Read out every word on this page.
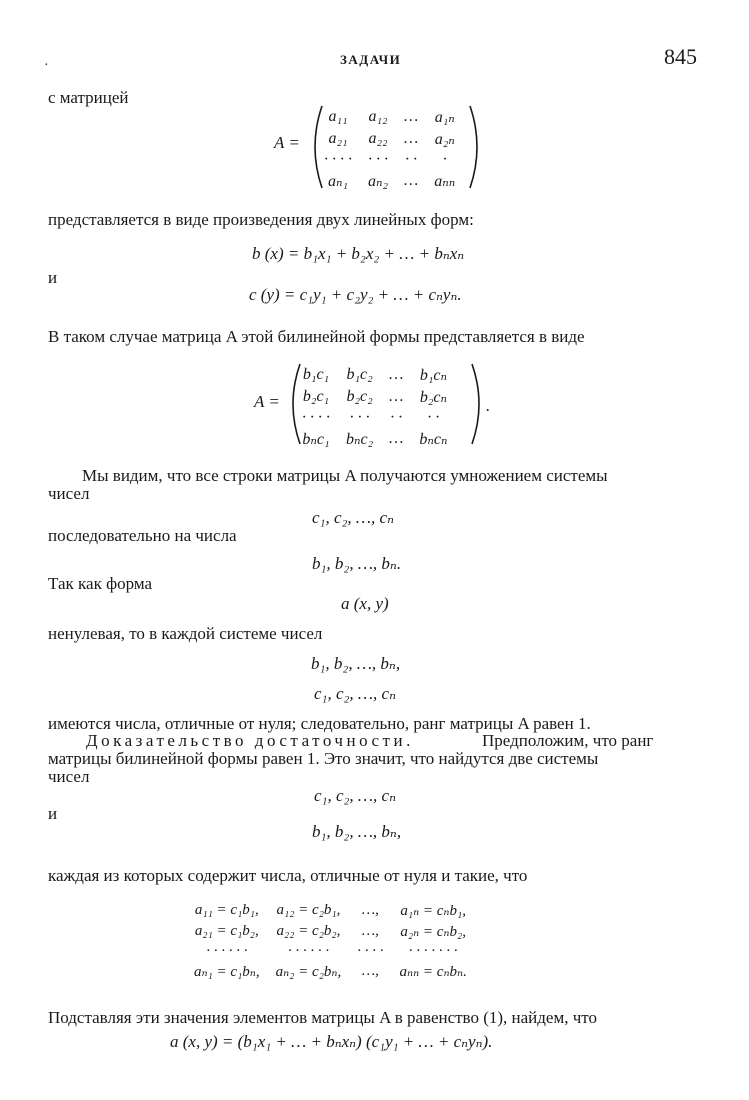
·	ЗАДАЧИ	845
с матрицей
A =
a₁₁	a₁₂	…	a₁ₙ
a₂₁	a₂₂	…	a₂ₙ
· · · ·	· · ·	· ·	·
aₙ₁	aₙ₂	…	aₙₙ
представляется в виде произведения двух линейных форм:
b (x) = b₁x₁ + b₂x₂ + … + bₙxₙ
и
c (y) = c₁y₁ + c₂y₂ + … + cₙyₙ.
В таком случае матрица A этой билинейной формы представляется в виде
A =
b₁c₁	b₁c₂	…	b₁cₙ
b₂c₁	b₂c₂	…	b₂cₙ
· · · ·	· · ·	· ·	· ·
bₙc₁	bₙc₂	…	bₙcₙ
.
Мы видим, что все строки матрицы A получаются умножением системы
чисел
c₁, c₂, …, cₙ
последовательно на числа
b₁, b₂, …, bₙ.
Так как форма
a (x, y)
ненулевая, то в каждой системе чисел
b₁, b₂, …, bₙ,
c₁, c₂, …, cₙ
имеются числа, отличные от нуля; следовательно, ранг матрицы A равен 1.
Доказательство достаточности.	Предположим, что ранг
матрицы билинейной формы равен 1. Это значит, что найдутся две системы
чисел
c₁, c₂, …, cₙ
и
b₁, b₂, …, bₙ,
каждая из которых содержит числа, отличные от нуля и такие, что
a₁₁ = c₁b₁,	a₁₂ = c₂b₁,	…,	a₁ₙ = cₙb₁,
a₂₁ = c₁b₂,	a₂₂ = c₂b₂,	…,	a₂ₙ = cₙb₂,
· · · · · ·	· · · · · ·	· · · ·	· · · · · · ·
aₙ₁ = c₁bₙ,	aₙ₂ = c₂bₙ,	…,	aₙₙ = cₙbₙ.
Подставляя эти значения элементов матрицы A в равенство (1), найдем, что
a (x, y) = (b₁x₁ + … + bₙxₙ) (c₁y₁ + … + cₙyₙ).
